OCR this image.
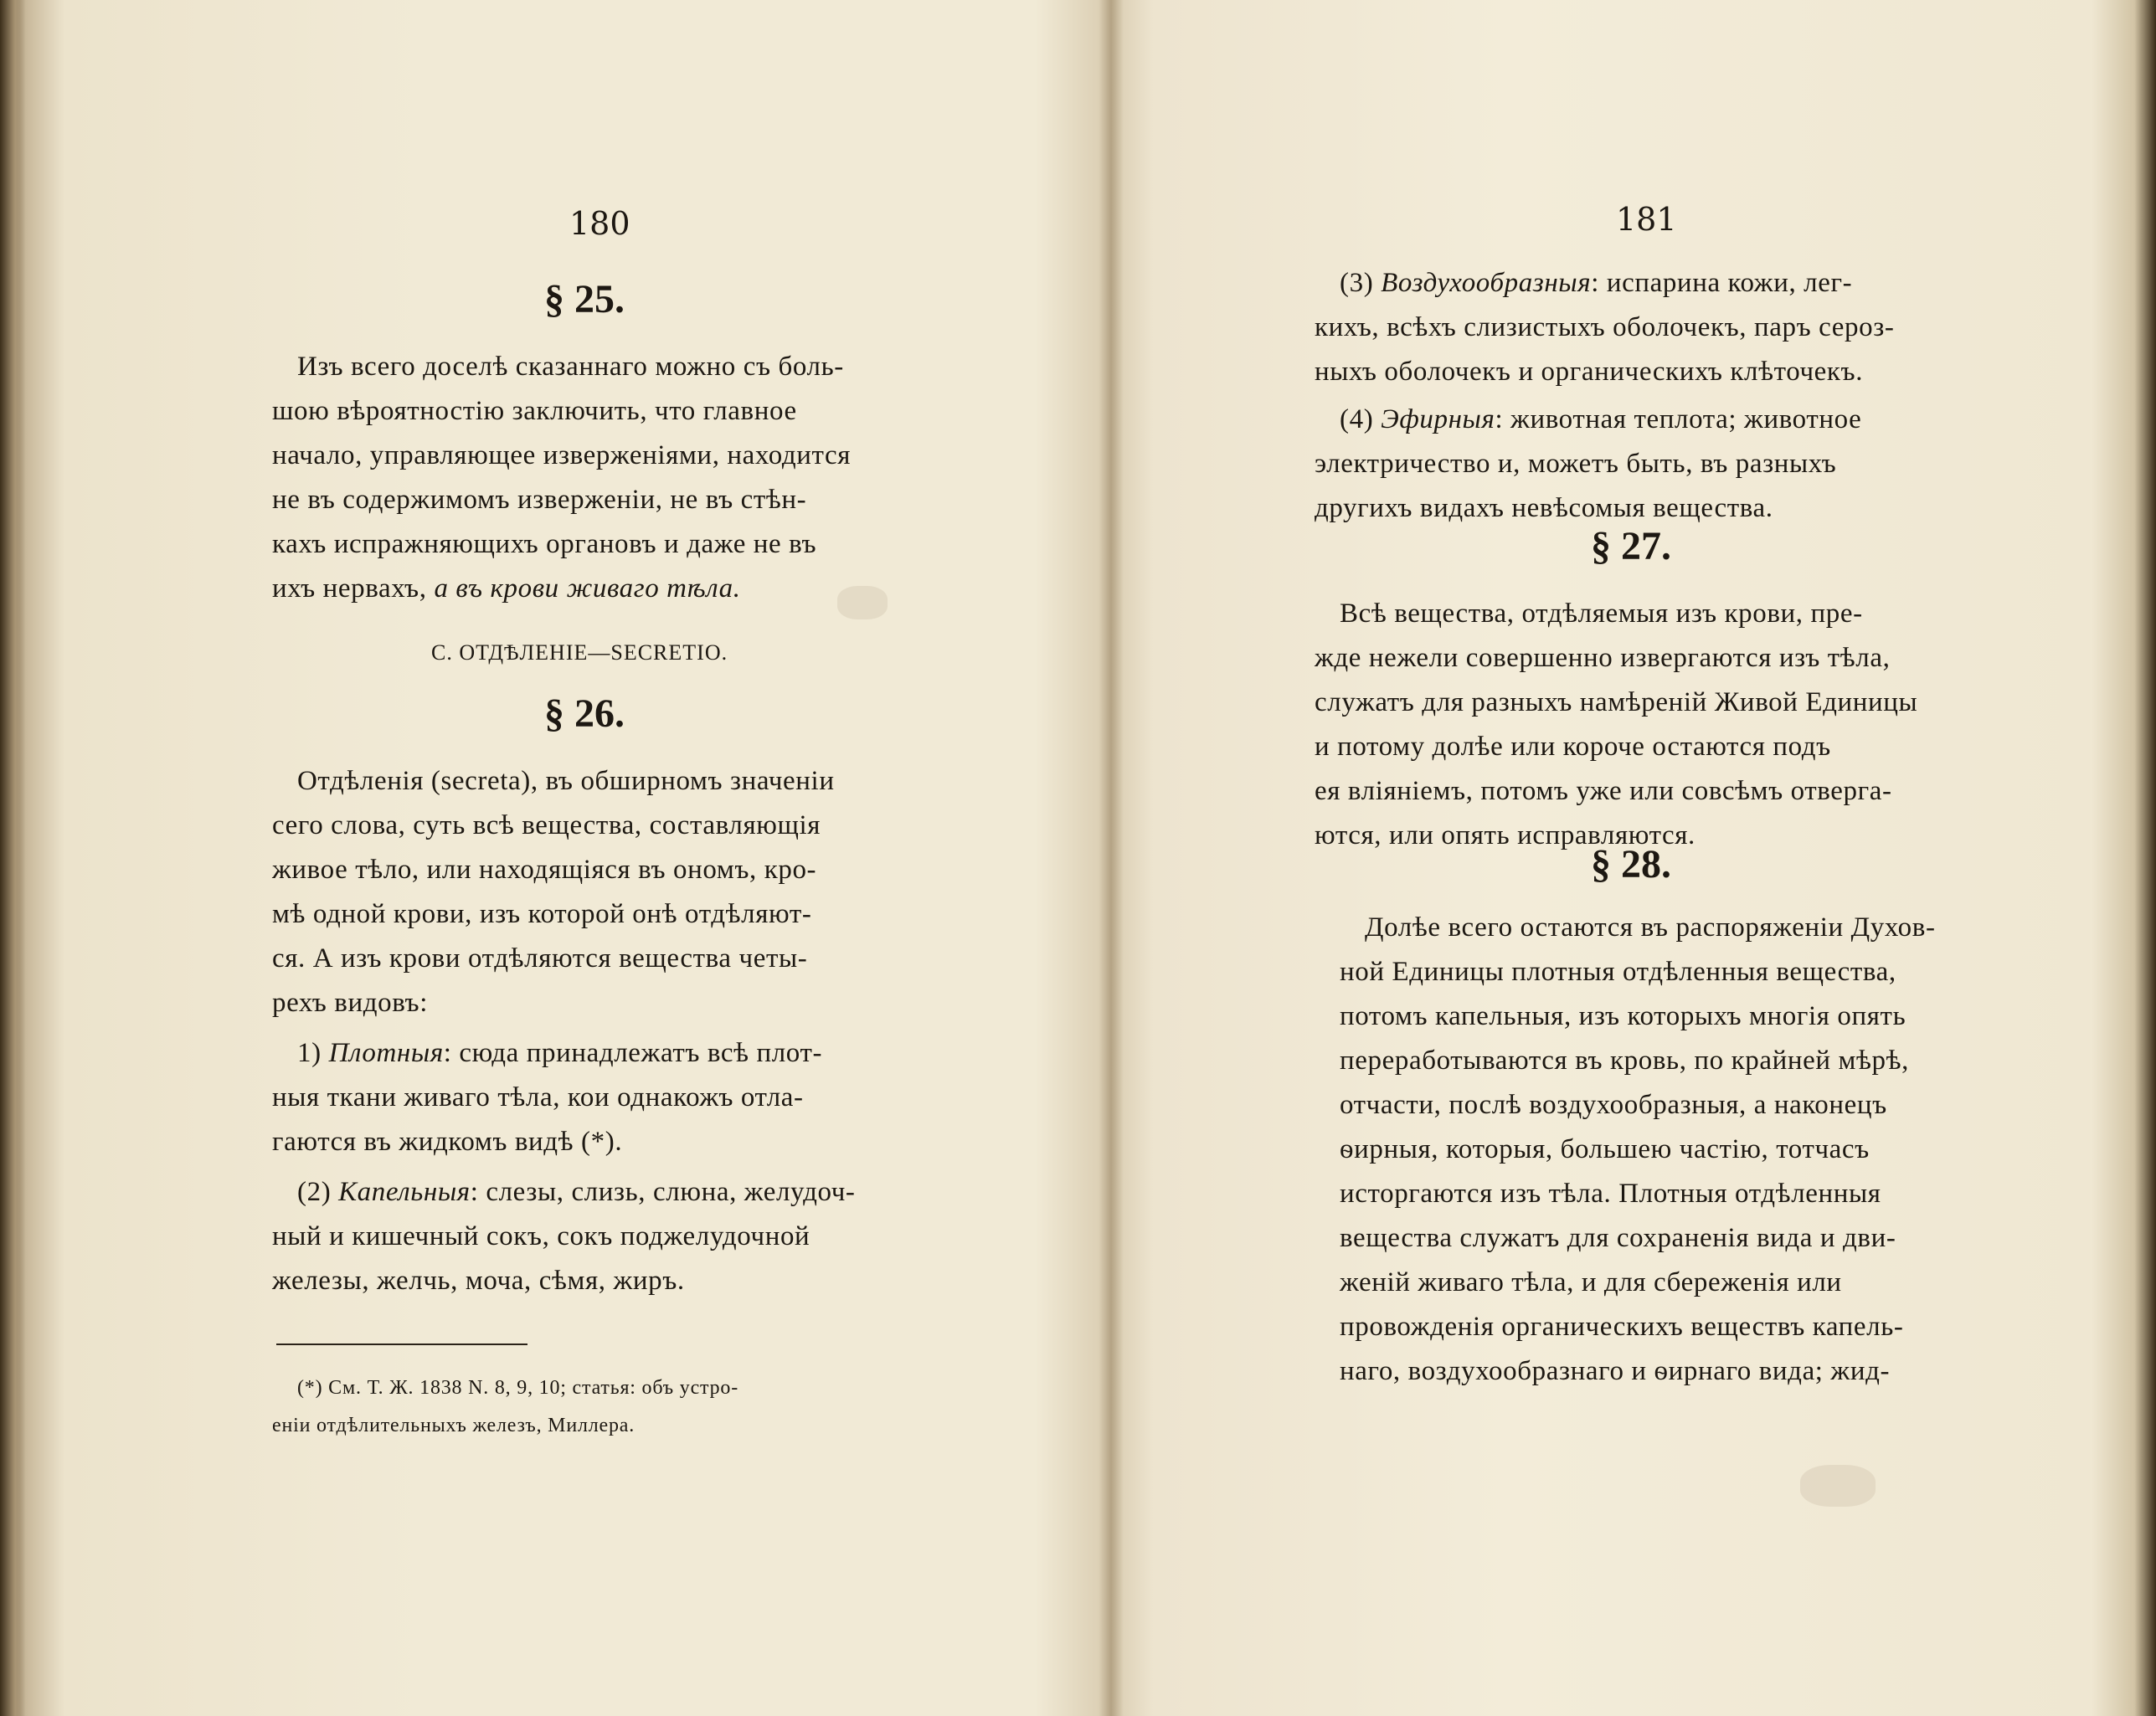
180
§ 25.
Изъ всего доселѣ сказаннаго можно съ боль-
шою вѣроятностію заключить, что главное
начало, управляющее изверженіями, находится
не въ содержимомъ изверженіи, не въ стѣн-
кахъ испражняющихъ органовъ и даже не въ
ихъ нервахъ, а въ крови живаго тѣла.
С. ОТДѢЛЕНІЕ—SECRETIO.
§ 26.
Отдѣленія (secreta), въ обширномъ значеніи
сего слова, суть всѣ вещества, составляющія
живое тѣло, или находящіяся въ ономъ, кро-
мѣ одной крови, изъ которой онѣ отдѣляют-
ся. А изъ крови отдѣляются вещества четы-
рехъ видовъ:
1) Плотныя: сюда принадлежатъ всѣ плот-
ныя ткани живаго тѣла, кои однакожъ отла-
гаются въ жидкомъ видѣ (*).
(2) Капельныя: слезы, слизь, слюна, желудоч-
ный и кишечный сокъ, сокъ поджелудочной
железы, желчь, моча, сѣмя, жиръ.
(*) См. Т. Ж. 1838 N. 8, 9, 10; статья: объ устро-
еніи отдѣлительныхъ железъ, Миллера.
181
(3) Воздухообразныя: испарина кожи, лег-
кихъ, всѣхъ слизистыхъ оболочекъ, паръ сероз-
ныхъ оболочекъ и органическихъ клѣточекъ.
(4) Эфирныя: животная теплота; животное
электричество и, можетъ быть, въ разныхъ
другихъ видахъ невѣсомыя вещества.
§ 27.
Всѣ вещества, отдѣляемыя изъ крови, пре-
жде нежели совершенно извергаются изъ тѣла,
служатъ для разныхъ намѣреній Живой Единицы
и потому долѣе или короче остаются подъ
ея вліяніемъ, потомъ уже или совсѣмъ отверга-
ются, или опять исправляются.
§ 28.
Долѣе всего остаются въ распоряженіи Духов-
ной Единицы плотныя отдѣленныя вещества,
потомъ капельныя, изъ которыхъ многія опять
переработываются въ кровь, по крайней мѣрѣ,
отчасти, послѣ воздухообразныя, а наконецъ
ѳирныя, которыя, большею частію, тотчасъ
исторгаются изъ тѣла. Плотныя отдѣленныя
вещества служатъ для сохраненія вида и дви-
женій живаго тѣла, и для сбереженія или
провожденія органическихъ веществъ капель-
наго, воздухообразнаго и ѳирнаго вида; жид-
